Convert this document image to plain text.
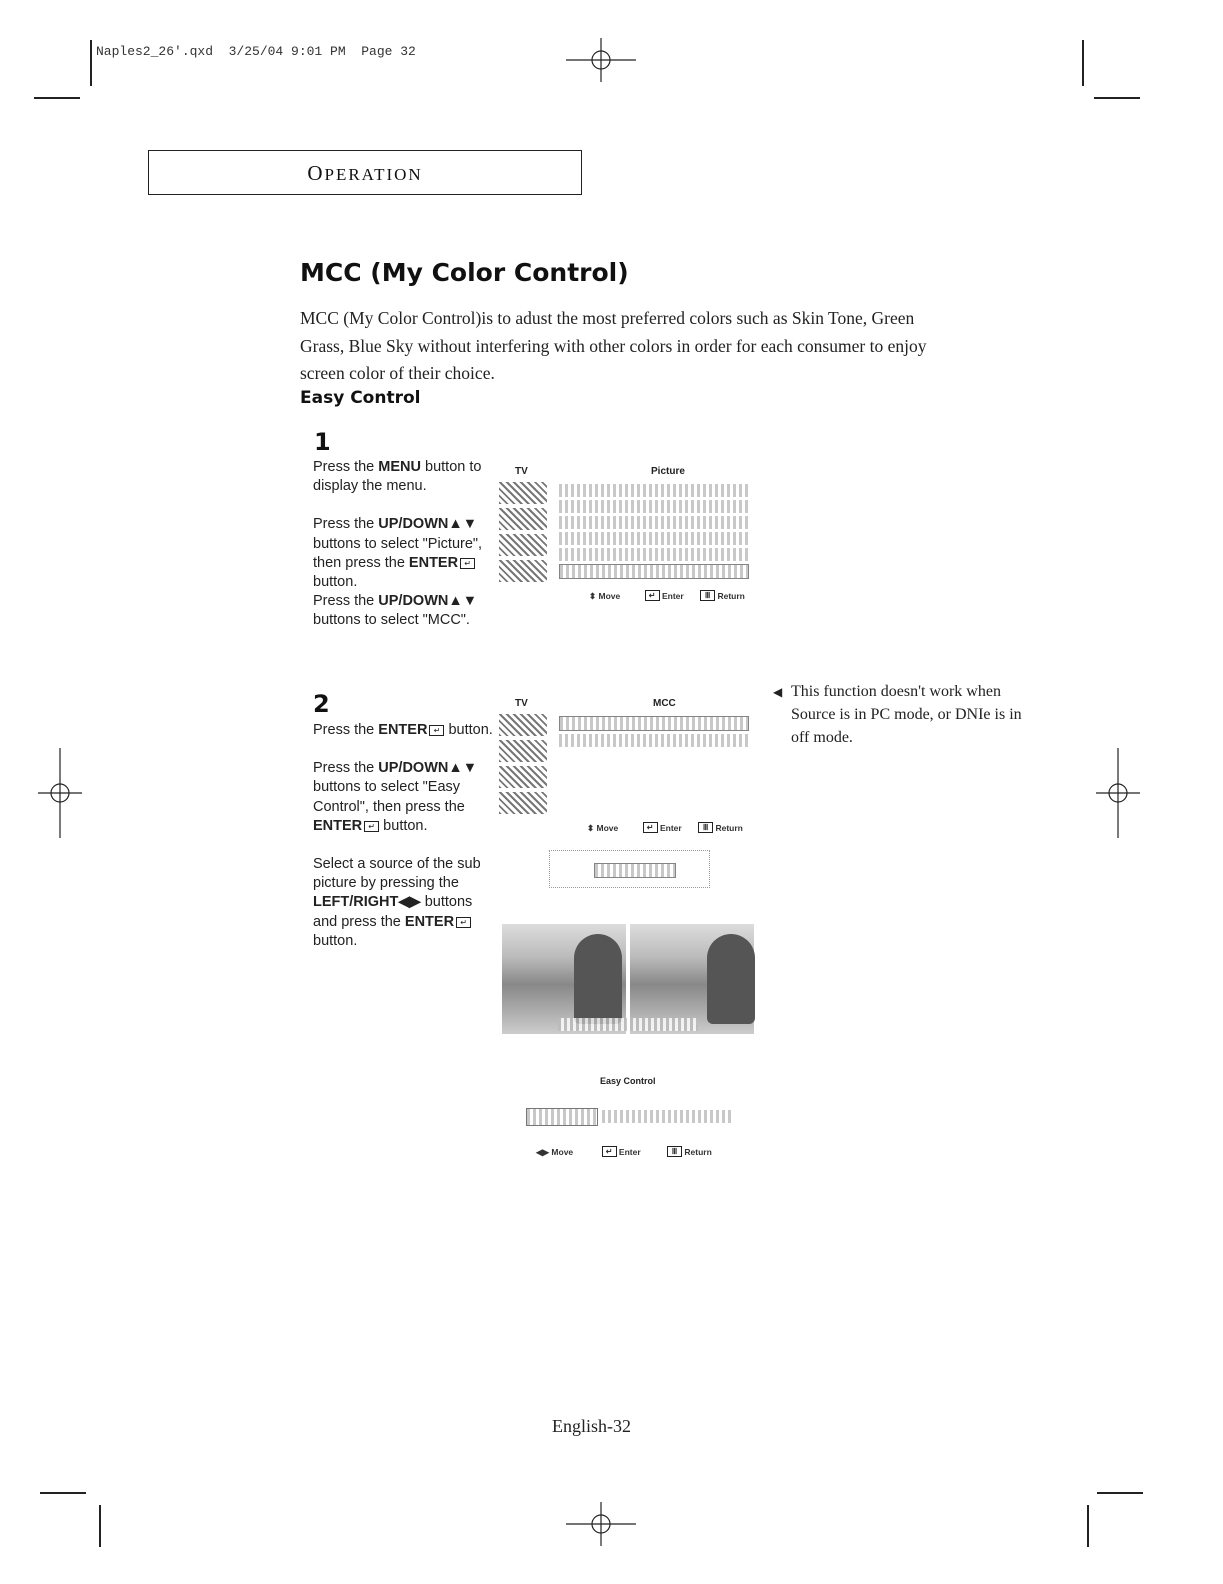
Naples2_26'.qxd  3/25/04 9:01 PM  Page 32
OPERATION
MCC (My Color Control)
MCC (My Color Control)is to adust the most preferred colors such as Skin Tone, Green Grass, Blue Sky without interfering with other colors in order for each consumer to enjoy screen color of their choice.
Easy Control
1

Press the MENU button to display the menu.

Press the UP/DOWN▲▼ buttons to select "Picture", then press the ENTER ↵ button.

Press the UP/DOWN▲▼ buttons to select "MCC".

TV	Picture
⬍ Move	↵ Enter	Ⅲ Return
2

Press the ENTER ↵ button.

Press the UP/DOWN▲▼ buttons to select "Easy Control", then press the ENTER ↵ button.

Select a source of the sub picture by pressing the LEFT/RIGHT◀▶ buttons and press the ENTER ↵ button.

TV	MCC
⬍ Move	↵ Enter	Ⅲ Return
Easy Control
◀▶ Move	↵ Enter	Ⅲ Return
◀ This function doesn't work when Source is in PC mode, or DNIe is in off mode.
English-32
